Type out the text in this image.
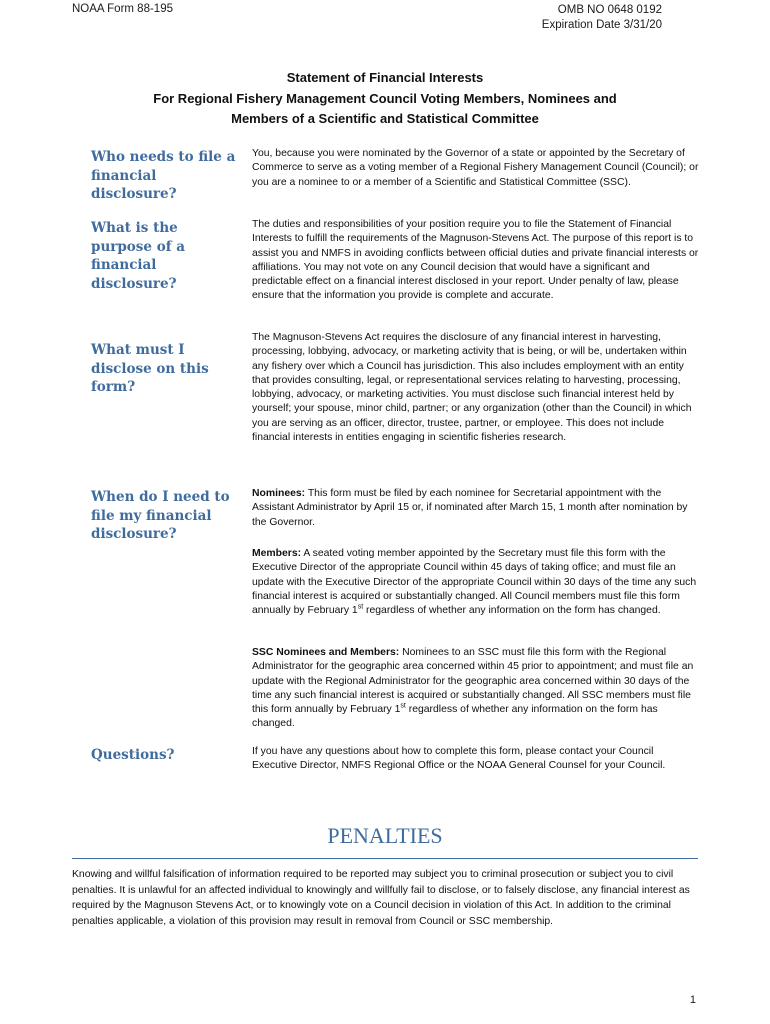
NOAA Form 88-195	OMB NO 0648 0192
Expiration Date 3/31/20
Statement of Financial Interests
For Regional Fishery Management Council Voting Members, Nominees and
Members of a Scientific and Statistical Committee
Who needs to file a financial disclosure?
You, because you were nominated by the Governor of a state or appointed by the Secretary of Commerce to serve as a voting member of a Regional Fishery Management Council (Council); or you are a nominee to or a member of a Scientific and Statistical Committee (SSC).
What is the purpose of a financial disclosure?
The duties and responsibilities of your position require you to file the Statement of Financial Interests to fulfill the requirements of the Magnuson-Stevens Act. The purpose of this report is to assist you and NMFS in avoiding conflicts between official duties and private financial interests or affiliations. You may not vote on any Council decision that would have a significant and predictable effect on a financial interest disclosed in your report. Under penalty of law, please ensure that the information you provide is complete and accurate.
What must I disclose on this form?
The Magnuson-Stevens Act requires the disclosure of any financial interest in harvesting, processing, lobbying, advocacy, or marketing activity that is being, or will be, undertaken within any fishery over which a Council has jurisdiction. This also includes employment with an entity that provides consulting, legal, or representational services relating to harvesting, processing, lobbying, advocacy, or marketing activities. You must disclose such financial interest held by yourself; your spouse, minor child, partner; or any organization (other than the Council) in which you are serving as an officer, director, trustee, partner, or employee. This does not include financial interests in entities engaging in scientific fisheries research.
When do I need to file my financial disclosure?

Nominees: This form must be filed by each nominee for Secretarial appointment with the Assistant Administrator by April 15 or, if nominated after March 15, 1 month after nomination by the Governor.

Members: A seated voting member appointed by the Secretary must file this form with the Executive Director of the appropriate Council within 45 days of taking office; and must file an update with the Executive Director of the appropriate Council within 30 days of the time any such financial interest is acquired or substantially changed. All Council members must file this form annually by February 1st regardless of whether any information on the form has changed.

SSC Nominees and Members: Nominees to an SSC must file this form with the Regional Administrator for the geographic area concerned within 45 prior to appointment; and must file an update with the Regional Administrator for the geographic area concerned within 30 days of the time any such financial interest is acquired or substantially changed. All SSC members must file this form annually by February 1st regardless of whether any information on the form has changed.

Questions?	If you have any questions about how to complete this form, please contact your Council Executive Director, NMFS Regional Office or the NOAA General Counsel for your Council.
PENALTIES
Knowing and willful falsification of information required to be reported may subject you to criminal prosecution or subject you to civil penalties. It is unlawful for an affected individual to knowingly and willfully fail to disclose, or to falsely disclose, any financial interest as required by the Magnuson Stevens Act, or to knowingly vote on a Council decision in violation of this Act. In addition to the criminal penalties applicable, a violation of this provision may result in removal from Council or SSC membership.
1
